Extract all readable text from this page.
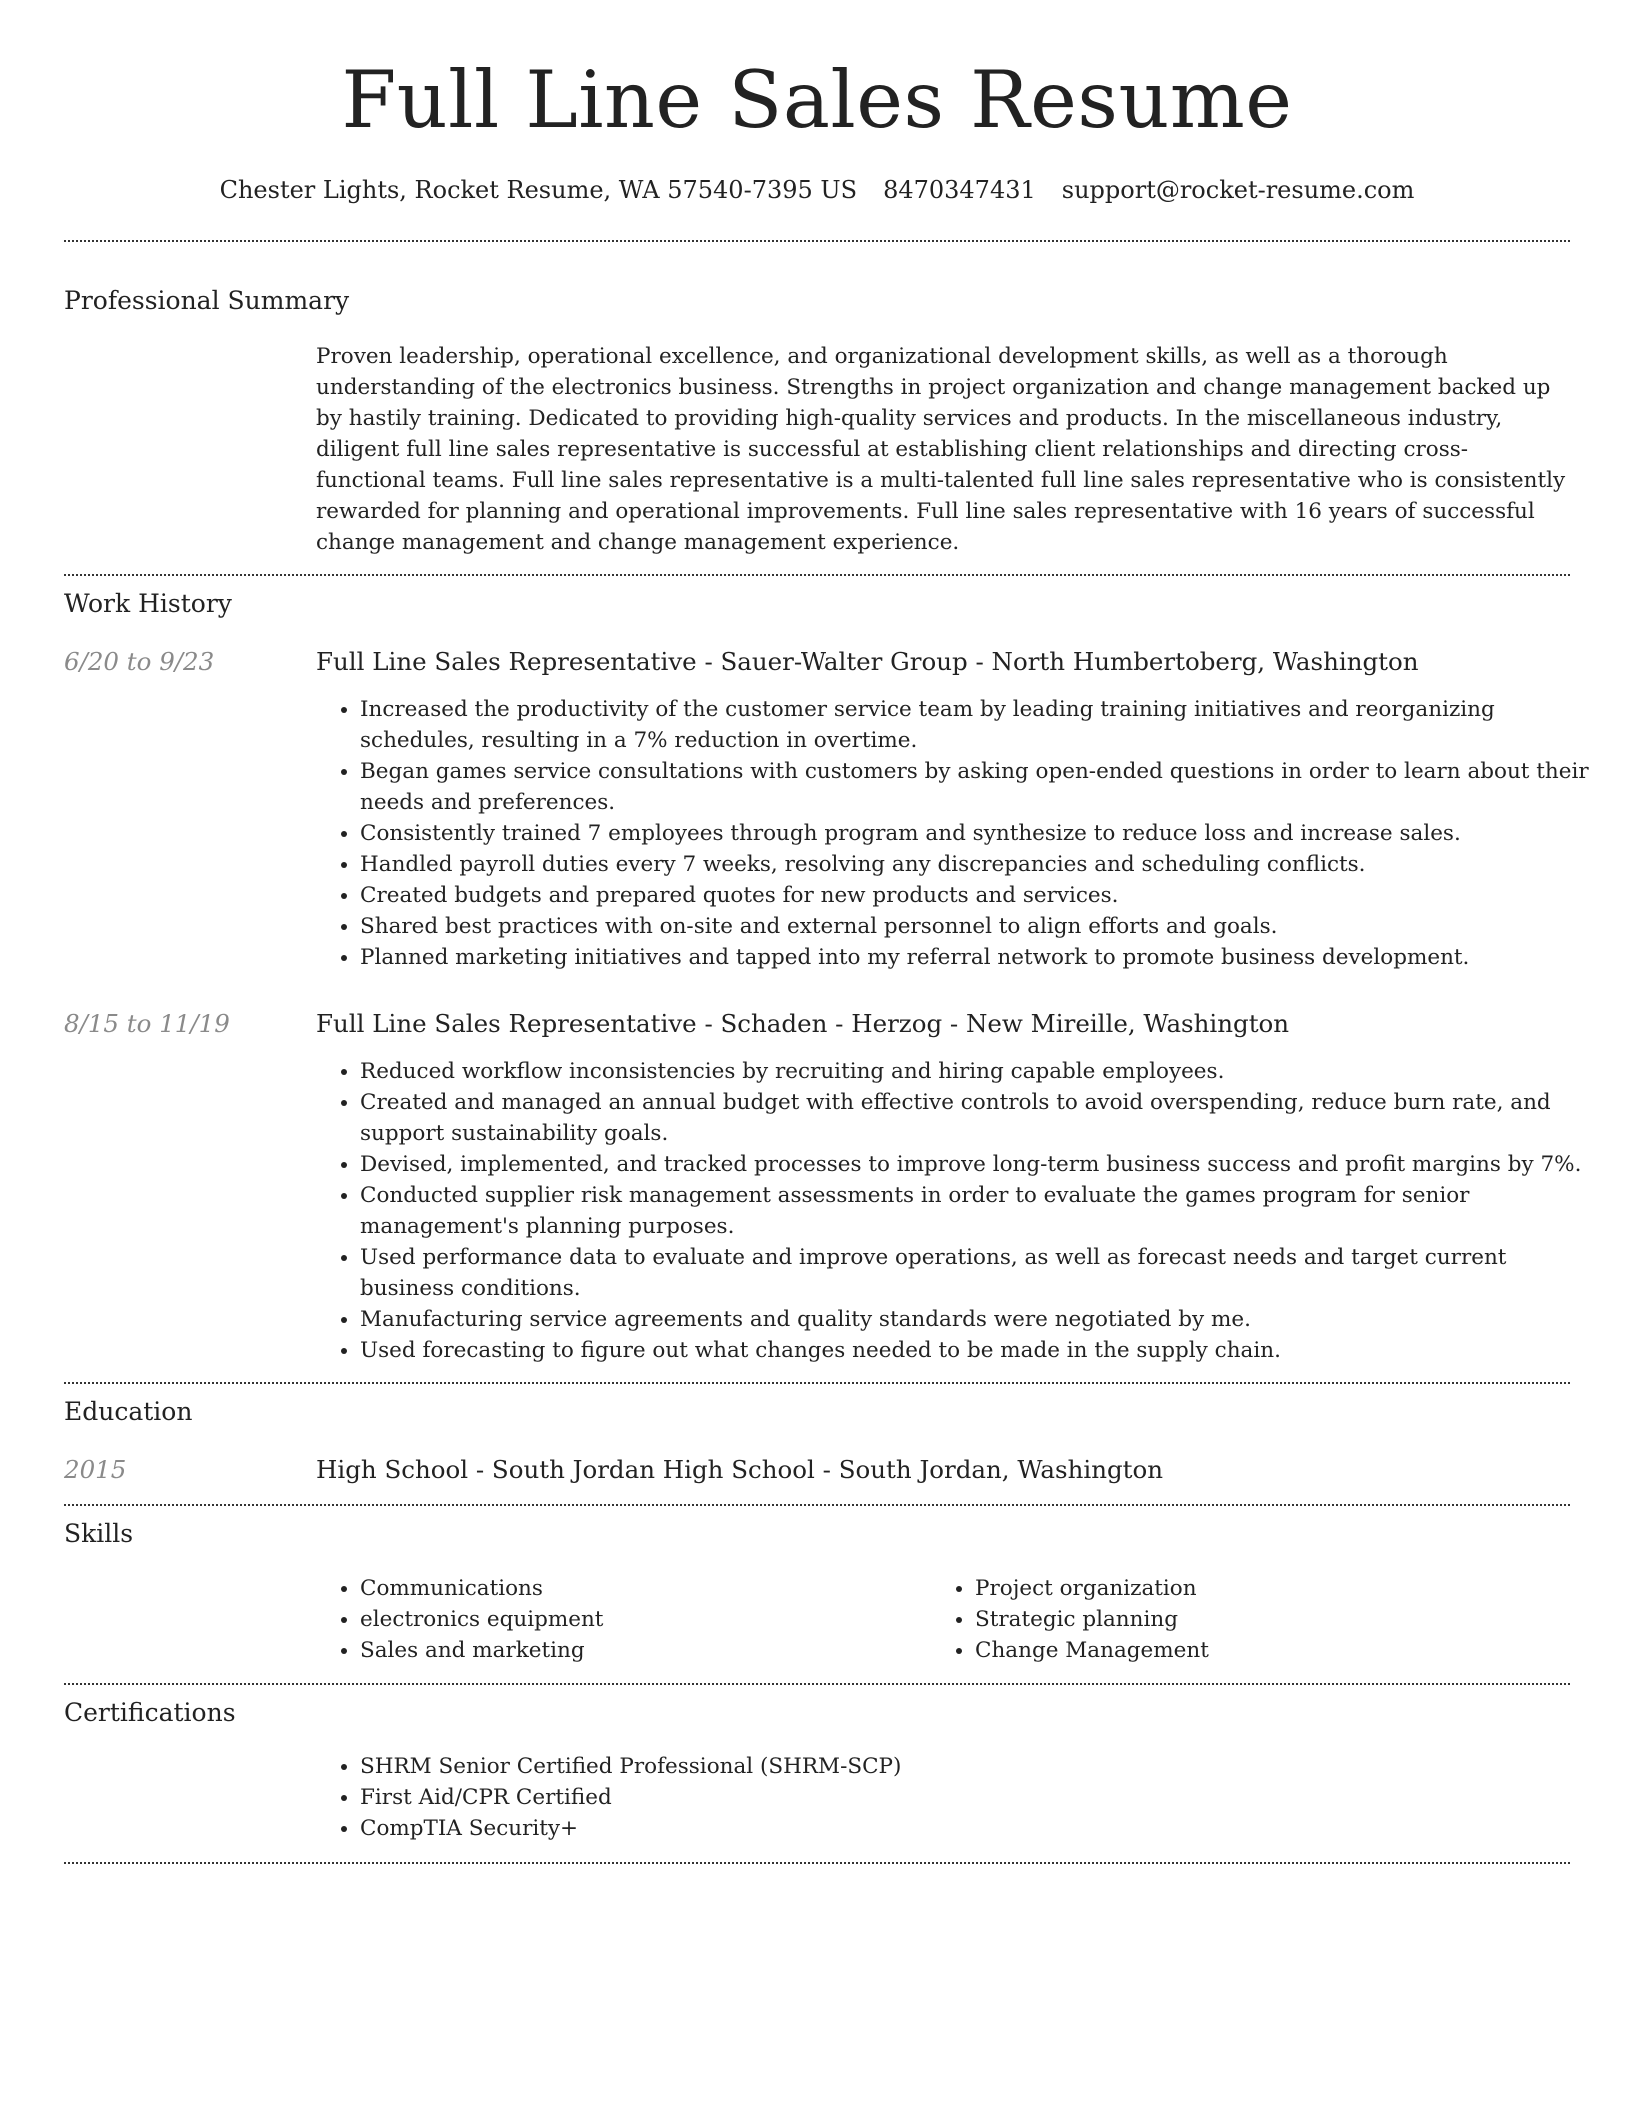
Full Line Sales Resume
Chester Lights, Rocket Resume, WA 57540-7395 US 8470347431 support@rocket-resume.com
Professional Summary
Proven leadership, operational excellence, and organizational development skills, as well as a thorough understanding of the electronics business. Strengths in project organization and change management backed up by hastily training. Dedicated to providing high-quality services and products. In the miscellaneous industry, diligent full line sales representative is successful at establishing client relationships and directing cross-functional teams. Full line sales representative is a multi-talented full line sales representative who is consistently rewarded for planning and operational improvements. Full line sales representative with 16 years of successful change management and change management experience.
Work History
6/20 to 9/23	Full Line Sales Representative - Sauer-Walter Group - North Humbertoberg, Washington
• Increased the productivity of the customer service team by leading training initiatives and reorganizing schedules, resulting in a 7% reduction in overtime.
• Began games service consultations with customers by asking open-ended questions in order to learn about their needs and preferences.
• Consistently trained 7 employees through program and synthesize to reduce loss and increase sales.
• Handled payroll duties every 7 weeks, resolving any discrepancies and scheduling conflicts.
• Created budgets and prepared quotes for new products and services.
• Shared best practices with on-site and external personnel to align efforts and goals.
• Planned marketing initiatives and tapped into my referral network to promote business development.
8/15 to 11/19	Full Line Sales Representative - Schaden - Herzog - New Mireille, Washington
• Reduced workflow inconsistencies by recruiting and hiring capable employees.
• Created and managed an annual budget with effective controls to avoid overspending, reduce burn rate, and support sustainability goals.
• Devised, implemented, and tracked processes to improve long-term business success and profit margins by 7%.
• Conducted supplier risk management assessments in order to evaluate the games program for senior management's planning purposes.
• Used performance data to evaluate and improve operations, as well as forecast needs and target current business conditions.
• Manufacturing service agreements and quality standards were negotiated by me.
• Used forecasting to figure out what changes needed to be made in the supply chain.
Education
2015	High School - South Jordan High School - South Jordan, Washington
Skills
• Communications
• electronics equipment
• Sales and marketing
• Project organization
• Strategic planning
• Change Management
Certifications
• SHRM Senior Certified Professional (SHRM-SCP)
• First Aid/CPR Certified
• CompTIA Security+
